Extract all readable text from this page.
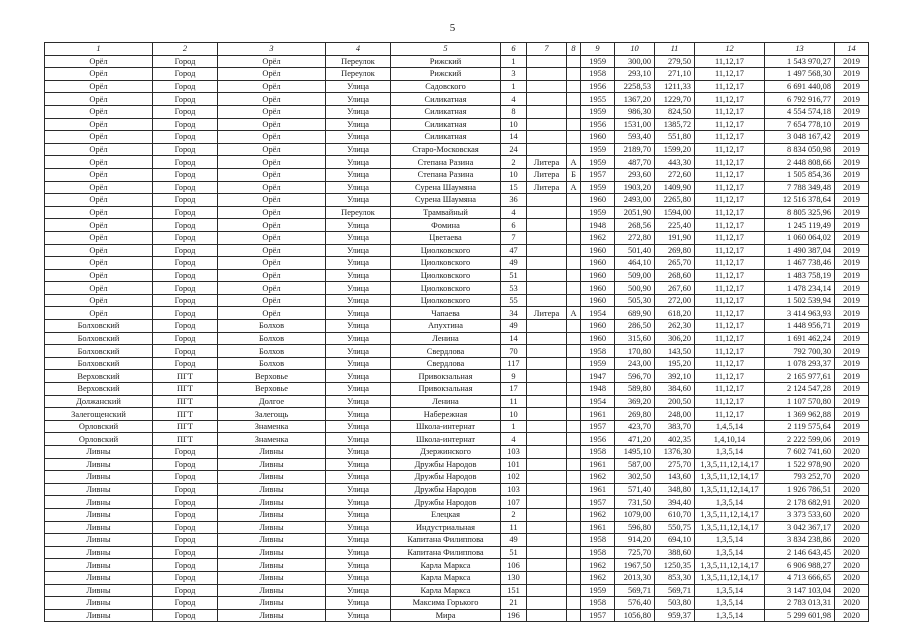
5
1	2	3	4	5	6	7	8	9	10	11	12	13	14
Орёл	Город	Орёл	Переулок	Рижский	1			1959	300,00	279,50	11,12,17	1 543 970,27	2019
Орёл	Город	Орёл	Переулок	Рижский	3			1958	293,10	271,10	11,12,17	1 497 568,30	2019
Орёл	Город	Орёл	Улица	Садовского	1			1956	2258,53	1211,33	11,12,17	6 691 440,08	2019
Орёл	Город	Орёл	Улица	Силикатная	4			1955	1367,20	1229,70	11,12,17	6 792 916,77	2019
Орёл	Город	Орёл	Улица	Силикатная	8			1959	986,30	824,50	11,12,17	4 554 574,18	2019
Орёл	Город	Орёл	Улица	Силикатная	10			1956	1531,00	1385,72	11,12,17	7 654 778,10	2019
Орёл	Город	Орёл	Улица	Силикатная	14			1960	593,40	551,80	11,12,17	3 048 167,42	2019
Орёл	Город	Орёл	Улица	Старо-Московская	24			1959	2189,70	1599,20	11,12,17	8 834 050,98	2019
Орёл	Город	Орёл	Улица	Степана Разина	2	Литера	А	1959	487,70	443,30	11,12,17	2 448 808,66	2019
Орёл	Город	Орёл	Улица	Степана Разина	10	Литера	Б	1957	293,60	272,60	11,12,17	1 505 854,36	2019
Орёл	Город	Орёл	Улица	Сурена Шаумяна	15	Литера	А	1959	1903,20	1409,90	11,12,17	7 788 349,48	2019
Орёл	Город	Орёл	Улица	Сурена Шаумяна	36			1960	2493,00	2265,80	11,12,17	12 516 378,64	2019
Орёл	Город	Орёл	Переулок	Трамвайный	4			1959	2051,90	1594,00	11,12,17	8 805 325,96	2019
Орёл	Город	Орёл	Улица	Фомина	6			1948	268,56	225,40	11,12,17	1 245 119,49	2019
Орёл	Город	Орёл	Улица	Цветаева	7			1962	272,80	191,90	11,12,17	1 060 064,02	2019
Орёл	Город	Орёл	Улица	Циолковского	47			1960	501,40	269,80	11,12,17	1 490 387,04	2019
Орёл	Город	Орёл	Улица	Циолковского	49			1960	464,10	265,70	11,12,17	1 467 738,46	2019
Орёл	Город	Орёл	Улица	Циолковского	51			1960	509,00	268,60	11,12,17	1 483 758,19	2019
Орёл	Город	Орёл	Улица	Циолковского	53			1960	500,90	267,60	11,12,17	1 478 234,14	2019
Орёл	Город	Орёл	Улица	Циолковского	55			1960	505,30	272,00	11,12,17	1 502 539,94	2019
Орёл	Город	Орёл	Улица	Чапаева	34	Литера	А	1954	689,90	618,20	11,12,17	3 414 963,93	2019
Болховский	Город	Болхов	Улица	Апухтина	49			1960	286,50	262,30	11,12,17	1 448 956,71	2019
Болховский	Город	Болхов	Улица	Ленина	14			1960	315,60	306,20	11,12,17	1 691 462,24	2019
Болховский	Город	Болхов	Улица	Свердлова	70			1958	170,80	143,50	11,12,17	792 700,30	2019
Болховский	Город	Болхов	Улица	Свердлова	117			1959	243,00	195,20	11,12,17	1 078 293,37	2019
Верховский	ПГТ	Верховье	Улица	Привокзальная	9			1947	596,70	392,10	11,12,17	2 165 977,61	2019
Верховский	ПГТ	Верховье	Улица	Привокзальная	17			1948	589,80	384,60	11,12,17	2 124 547,28	2019
Должанский	ПГТ	Долгое	Улица	Ленина	11			1954	369,20	200,50	11,12,17	1 107 570,80	2019
Залегощенский	ПГТ	Залегощь	Улица	Набережная	10			1961	269,80	248,00	11,12,17	1 369 962,88	2019
Орловский	ПГТ	Знаменка	Улица	Школа-интернат	1			1957	423,70	383,70	1,4,5,14	2 119 575,64	2019
Орловский	ПГТ	Знаменка	Улица	Школа-интернат	4			1956	471,20	402,35	1,4,10,14	2 222 599,06	2019
Ливны	Город	Ливны	Улица	Дзержинского	103			1958	1495,10	1376,30	1,3,5,14	7 602 741,60	2020
Ливны	Город	Ливны	Улица	Дружбы Народов	101			1961	587,00	275,70	1,3,5,11,12,14,17	1 522 978,90	2020
Ливны	Город	Ливны	Улица	Дружбы Народов	102			1962	302,50	143,60	1,3,5,11,12,14,17	793 252,70	2020
Ливны	Город	Ливны	Улица	Дружбы Народов	103			1961	571,40	348,80	1,3,5,11,12,14,17	1 926 786,51	2020
Ливны	Город	Ливны	Улица	Дружбы Народов	107			1957	731,50	394,40	1,3,5,14	2 178 682,91	2020
Ливны	Город	Ливны	Улица	Елецкая	2			1962	1079,00	610,70	1,3,5,11,12,14,17	3 373 533,60	2020
Ливны	Город	Ливны	Улица	Индустриальная	11			1961	596,80	550,75	1,3,5,11,12,14,17	3 042 367,17	2020
Ливны	Город	Ливны	Улица	Капитана Филиппова	49			1958	914,20	694,10	1,3,5,14	3 834 238,86	2020
Ливны	Город	Ливны	Улица	Капитана Филиппова	51			1958	725,70	388,60	1,3,5,14	2 146 643,45	2020
Ливны	Город	Ливны	Улица	Карла Маркса	106			1962	1967,50	1250,35	1,3,5,11,12,14,17	6 906 988,27	2020
Ливны	Город	Ливны	Улица	Карла Маркса	130			1962	2013,30	853,30	1,3,5,11,12,14,17	4 713 666,65	2020
Ливны	Город	Ливны	Улица	Карла Маркса	151			1959	569,71	569,71	1,3,5,14	3 147 103,04	2020
Ливны	Город	Ливны	Улица	Максима Горького	21			1958	576,40	503,80	1,3,5,14	2 783 013,31	2020
Ливны	Город	Ливны	Улица	Мира	196			1957	1056,80	959,37	1,3,5,14	5 299 601,98	2020
